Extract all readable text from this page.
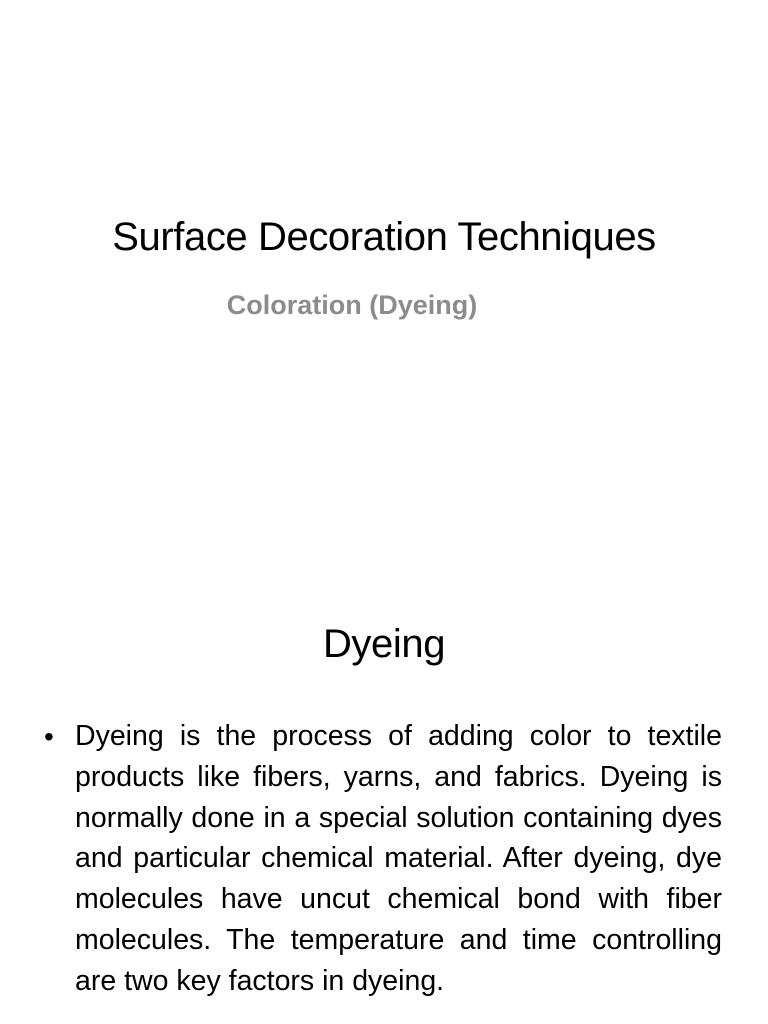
Surface Decoration Techniques
Coloration (Dyeing)
Dyeing
• Dyeing is the process of adding color to textile products like fibers, yarns, and fabrics. Dyeing is normally done in a special solution containing dyes and particular chemical material. After dyeing, dye molecules have uncut chemical bond with fiber molecules. The temperature and time controlling are two key factors in dyeing.
